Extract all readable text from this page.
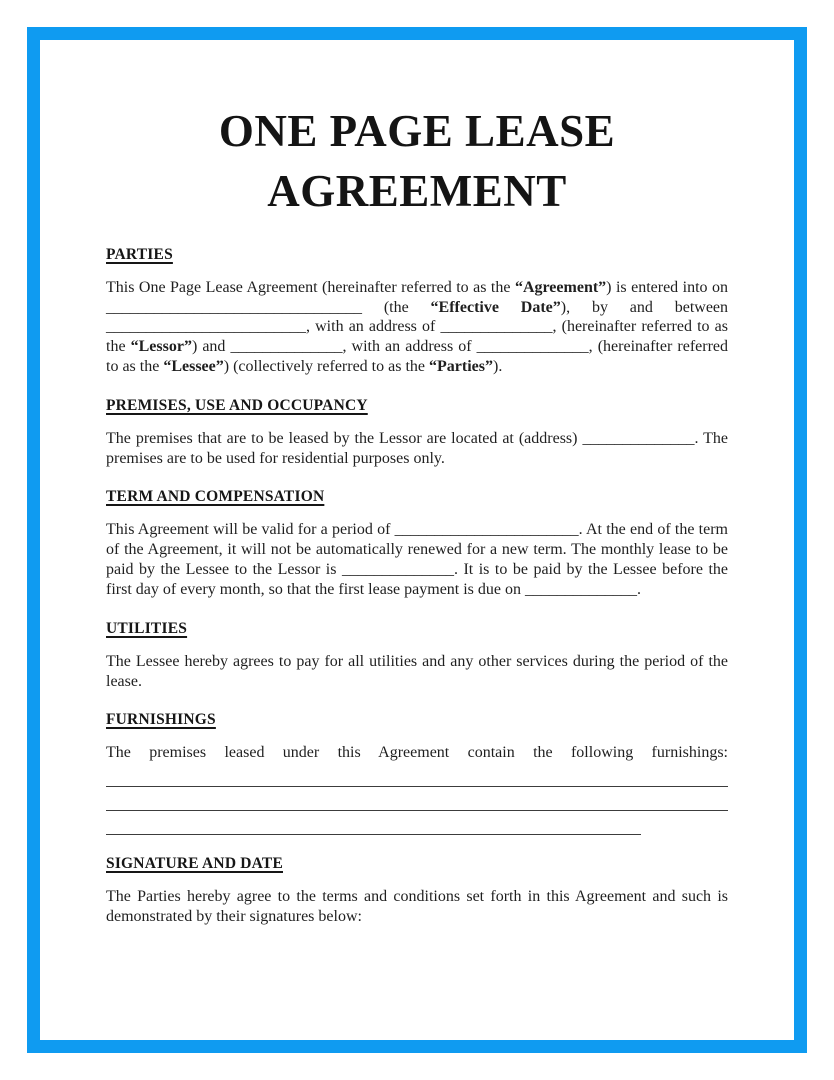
ONE PAGE LEASE AGREEMENT
PARTIES

This One Page Lease Agreement (hereinafter referred to as the “Agreement”) is entered into on ________________________________ (the “Effective Date”), by and between _________________________, with an address of ______________, (hereinafter referred to as the “Lessor”) and ______________, with an address of ______________, (hereinafter referred to as the “Lessee”) (collectively referred to as the “Parties”).

PREMISES, USE AND OCCUPANCY

The premises that are to be leased by the Lessor are located at (address) ______________. The premises are to be used for residential purposes only.

TERM AND COMPENSATION

This Agreement will be valid for a period of _______________________. At the end of the term of the Agreement, it will not be automatically renewed for a new term. The monthly lease to be paid by the Lessee to the Lessor is ______________. It is to be paid by the Lessee before the first day of every month, so that the first lease payment is due on ______________.

UTILITIES

The Lessee hereby agrees to pay for all utilities and any other services during the period of the lease.

FURNISHINGS

The premises leased under this Agreement contain the following furnishings:

SIGNATURE AND DATE

The Parties hereby agree to the terms and conditions set forth in this Agreement and such is demonstrated by their signatures below:
